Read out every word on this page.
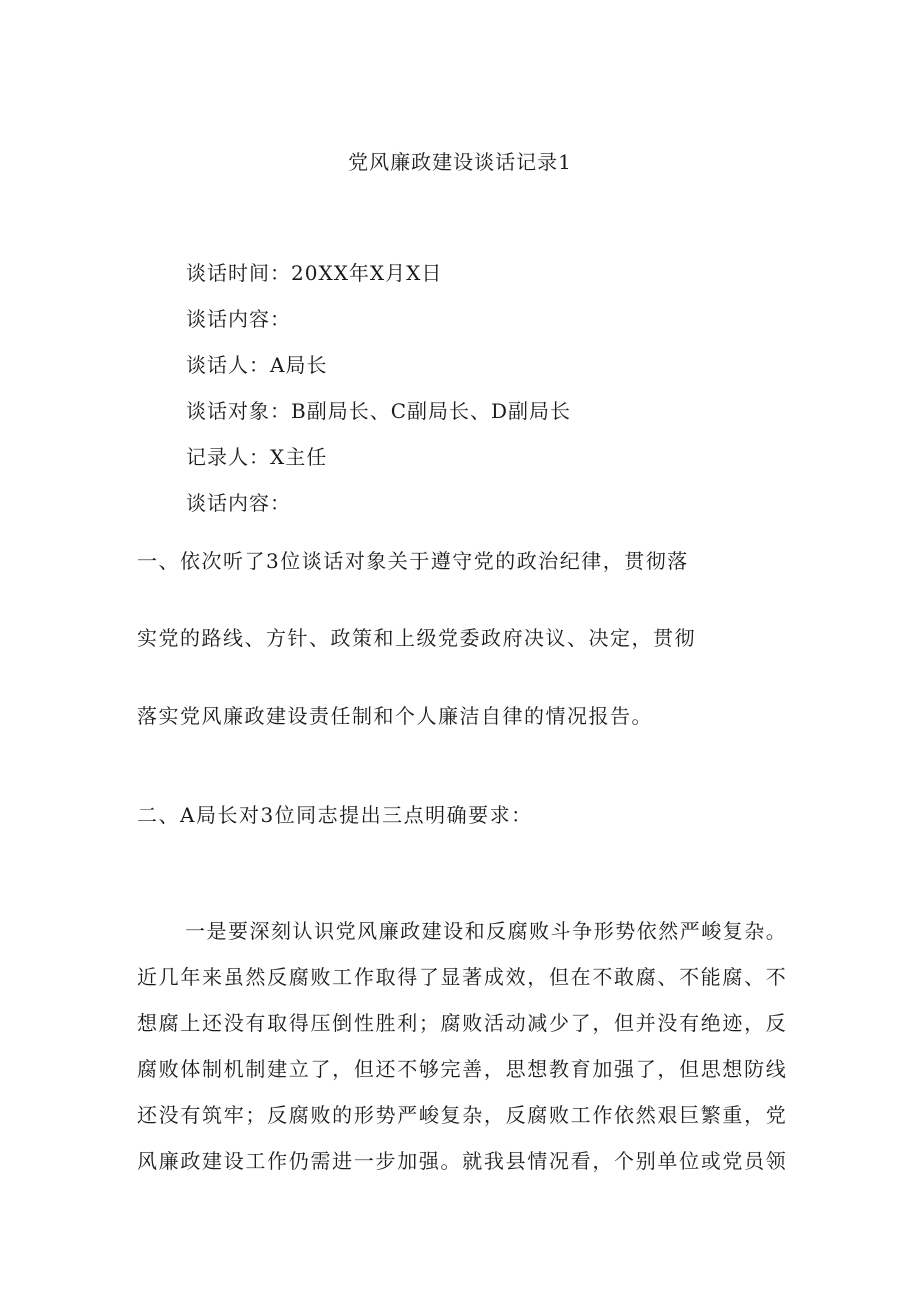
党风廉政建设谈话记录1
谈话时间：20XX年X月X日
谈话内容：
谈话人：A局长
谈话对象：B副局长、C副局长、D副局长
记录人：X主任
谈话内容：
一、依次听了3位谈话对象关于遵守党的政治纪律，贯彻落
实党的路线、方针、政策和上级党委政府决议、决定，贯彻
落实党风廉政建设责任制和个人廉洁自律的情况报告。
二、A局长对3位同志提出三点明确要求：
一是要深刻认识党风廉政建设和反腐败斗争形势依然严峻复杂。
近几年来虽然反腐败工作取得了显著成效，但在不敢腐、不能腐、不
想腐上还没有取得压倒性胜利；腐败活动减少了，但并没有绝迹，反
腐败体制机制建立了，但还不够完善，思想教育加强了，但思想防线
还没有筑牢；反腐败的形势严峻复杂，反腐败工作依然艰巨繁重，党
风廉政建设工作仍需进一步加强。就我县情况看，个别单位或党员领
